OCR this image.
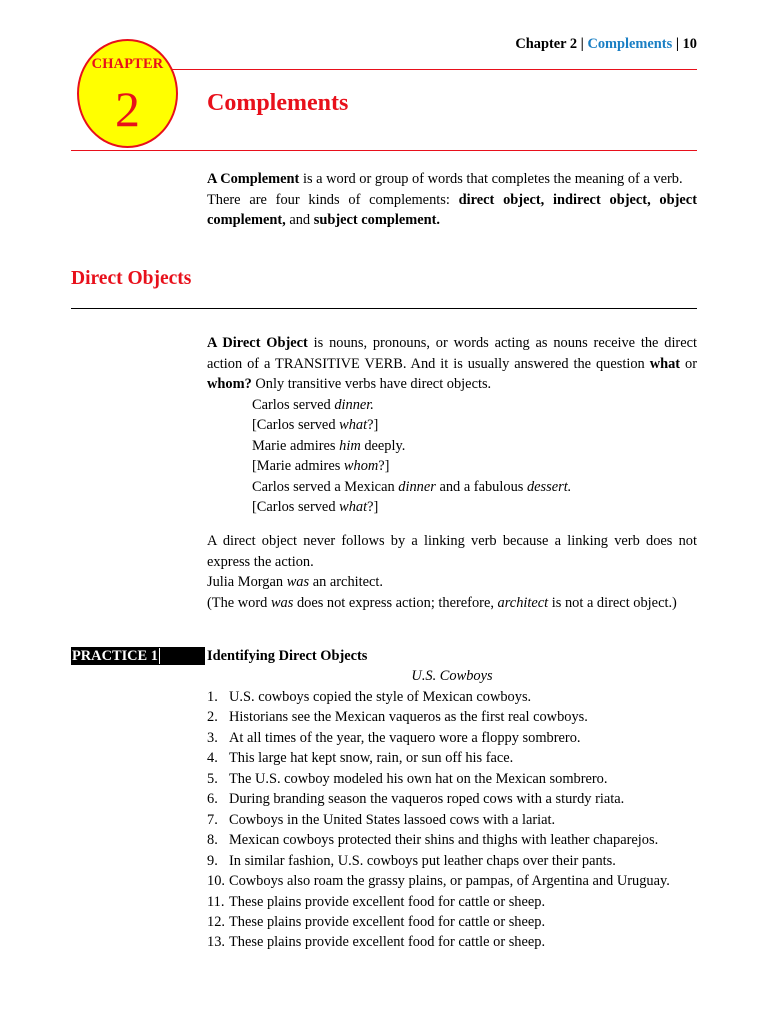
Chapter 2 | Complements | 10
CHAPTER
2	Complements

A Complement is a word or group of words that completes the meaning of a verb.

There are four kinds of complements: direct object, indirect object, object complement, and subject complement.

Direct Objects

A Direct Object is nouns, pronouns, or words acting as nouns receive the direct action of a TRANSITIVE VERB. And it is usually answered the question what or whom? Only transitive verbs have direct objects.

Carlos served dinner.

[Carlos served what?]

Marie admires him deeply.

[Marie admires whom?]

Carlos served a Mexican dinner and a fabulous dessert.

[Carlos served what?]

A direct object never follows by a linking verb because a linking verb does not express the action.

Julia Morgan was an architect.

(The word was does not express action; therefore, architect is not a direct object.)

PRACTICE 1	Identifying Direct Objects
U.S. Cowboys
1. U.S. cowboys copied the style of Mexican cowboys.
2. Historians see the Mexican vaqueros as the first real cowboys.
3. At all times of the year, the vaquero wore a floppy sombrero.
4. This large hat kept snow, rain, or sun off his face.
5. The U.S. cowboy modeled his own hat on the Mexican sombrero.
6. During branding season the vaqueros roped cows with a sturdy riata.
7. Cowboys in the United States lassoed cows with a lariat.
8. Mexican cowboys protected their shins and thighs with leather chaparejos.
9. In similar fashion, U.S. cowboys put leather chaps over their pants.
10. Cowboys also roam the grassy plains, or pampas, of Argentina and Uruguay.
11. These plains provide excellent food for cattle or sheep.
12. These plains provide excellent food for cattle or sheep.
13. These plains provide excellent food for cattle or sheep.
